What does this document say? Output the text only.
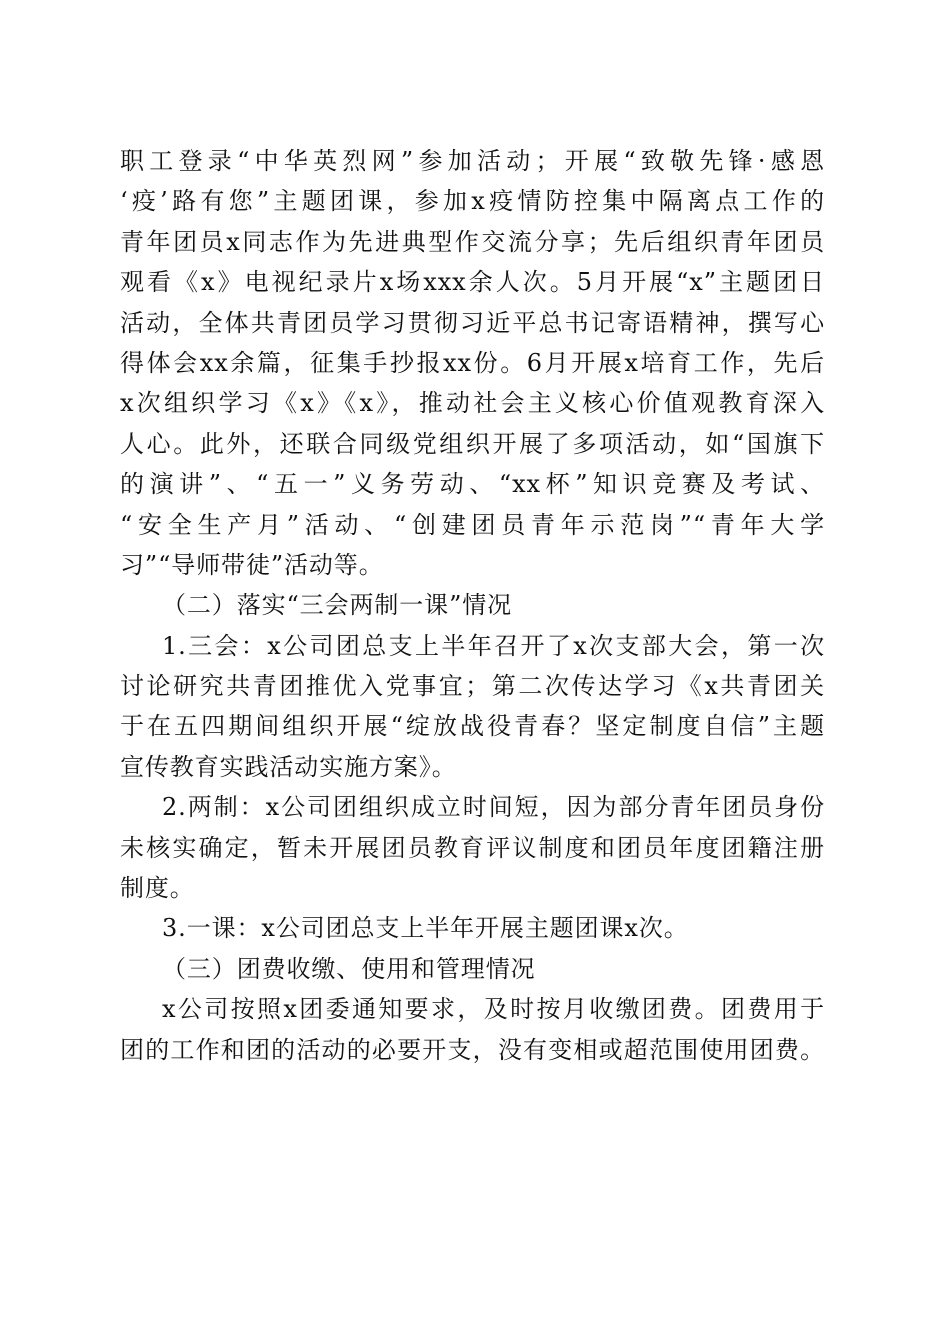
职工登录“中华英烈网”参加活动；开展“致敬先锋·感恩
‘疫’路有您”主题团课，参加x疫情防控集中隔离点工作的
青年团员x同志作为先进典型作交流分享；先后组织青年团员
观看《x》电视纪录片x场xxx余人次。5月开展“x”主题团日
活动，全体共青团员学习贯彻习近平总书记寄语精神，撰写心
得体会xx余篇，征集手抄报xx份。6月开展x培育工作，先后
x次组织学习《x》《x》，推动社会主义核心价值观教育深入
人心。此外，还联合同级党组织开展了多项活动，如“国旗下
的演讲”、“五一”义务劳动、“xx杯”知识竞赛及考试、
“安全生产月”活动、“创建团员青年示范岗”“青年大学
习”“导师带徒”活动等。
（二）落实“三会两制一课”情况
1.三会：x公司团总支上半年召开了x次支部大会，第一次
讨论研究共青团推优入党事宜；第二次传达学习《x共青团关
于在五四期间组织开展“绽放战役青春？坚定制度自信”主题
宣传教育实践活动实施方案》。
2.两制：x公司团组织成立时间短，因为部分青年团员身份
未核实确定，暂未开展团员教育评议制度和团员年度团籍注册
制度。
3.一课：x公司团总支上半年开展主题团课x次。
（三）团费收缴、使用和管理情况
x公司按照x团委通知要求，及时按月收缴团费。团费用于
团的工作和团的活动的必要开支，没有变相或超范围使用团费。
